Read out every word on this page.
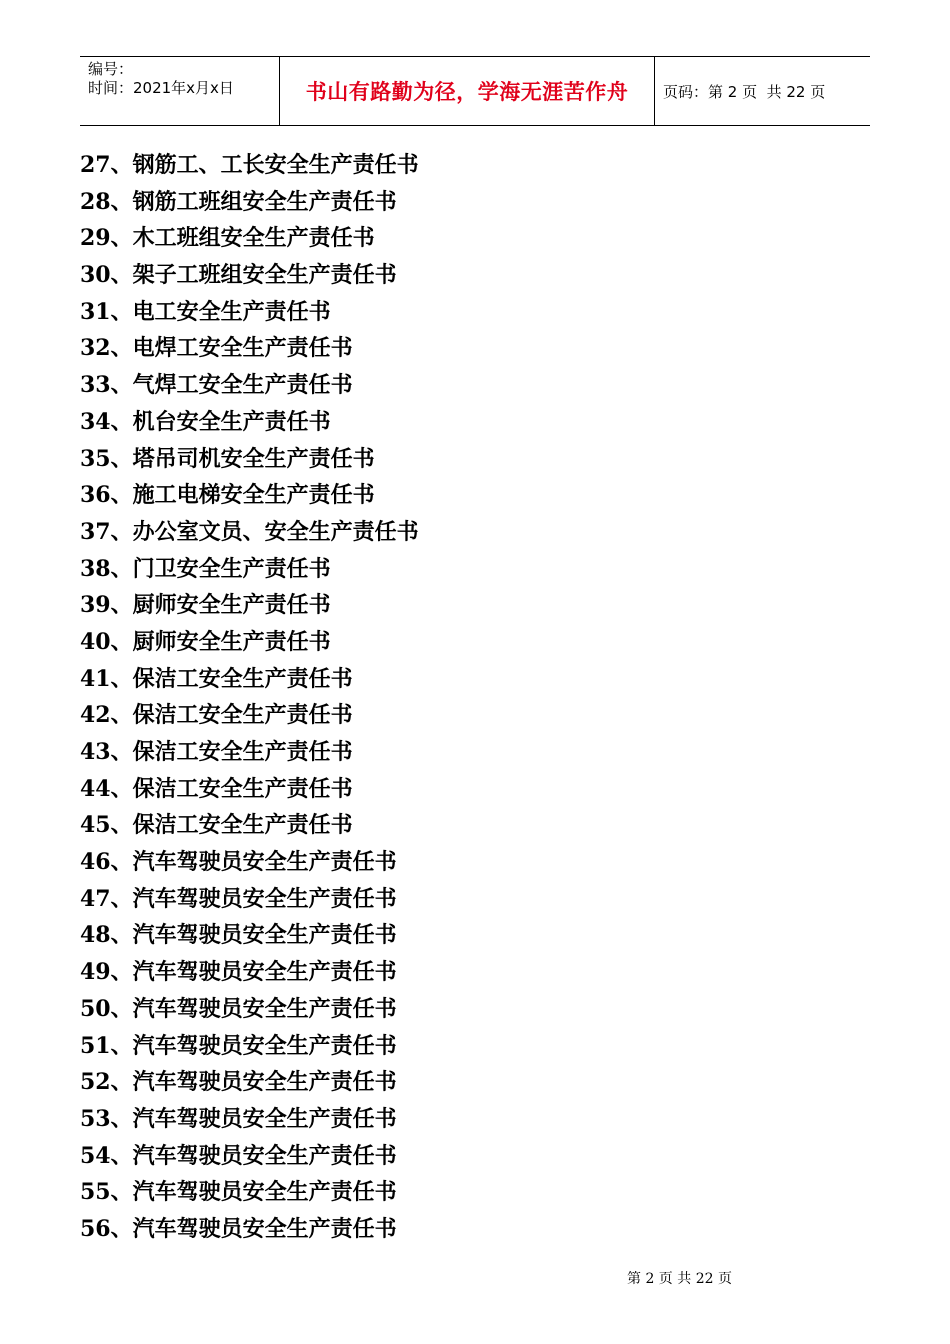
编号：
时间：2021年x月x日	书山有路勤为径，学海无涯苦作舟	页码：第 2 页  共 22 页
27、钢筋工、工长安全生产责任书
28、钢筋工班组安全生产责任书
29、木工班组安全生产责任书
30、架子工班组安全生产责任书
31、电工安全生产责任书
32、电焊工安全生产责任书
33、气焊工安全生产责任书
34、机台安全生产责任书
35、塔吊司机安全生产责任书
36、施工电梯安全生产责任书
37、办公室文员、安全生产责任书
38、门卫安全生产责任书
39、厨师安全生产责任书
40、厨师安全生产责任书
41、保洁工安全生产责任书
42、保洁工安全生产责任书
43、保洁工安全生产责任书
44、保洁工安全生产责任书
45、保洁工安全生产责任书
46、汽车驾驶员安全生产责任书
47、汽车驾驶员安全生产责任书
48、汽车驾驶员安全生产责任书
49、汽车驾驶员安全生产责任书
50、汽车驾驶员安全生产责任书
51、汽车驾驶员安全生产责任书
52、汽车驾驶员安全生产责任书
53、汽车驾驶员安全生产责任书
54、汽车驾驶员安全生产责任书
55、汽车驾驶员安全生产责任书
56、汽车驾驶员安全生产责任书
第 2 页 共 22 页
